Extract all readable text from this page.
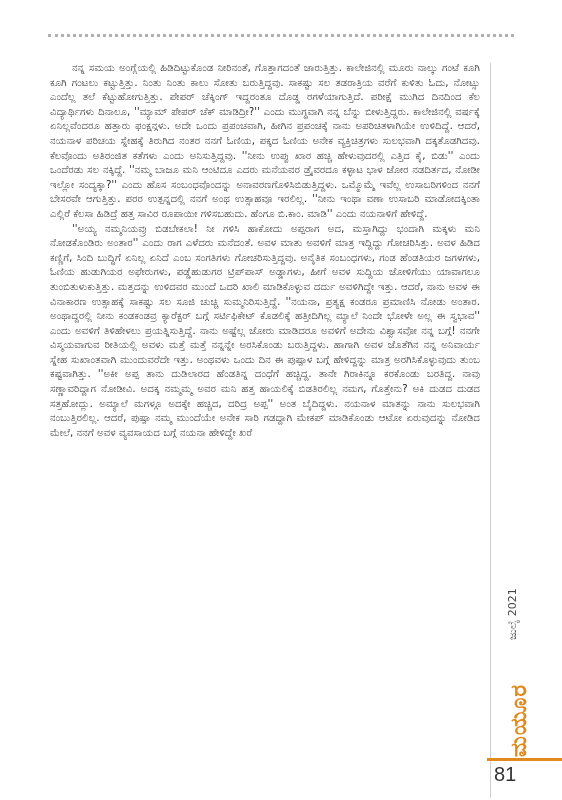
ನನ್ನ ಸಮಯ ಅಂಗ್ಲೆಯಲ್ಲಿ ಹಿಡಿದಿಟ್ಟುಕೊಂಡ ನೀರಿನಂತೆ, ಗೊತ್ತಾಗದಂತೆ ಜಾರುತ್ತಿತ್ತು. ಕಾಲೇಜಿನಲ್ಲಿ ಮೂರು ನಾಲ್ಕು ಗಂಟೆ ಕೂಗಿ ಕೂಗಿ ಗಂಟಲು ಕಟ್ಟುತ್ತಿತ್ತು. ನಿಂತು ನಿಂತು ಕಾಲು ಸೋತು ಬರುತ್ತಿದ್ದವು. ಸಾಕಷ್ಟು ಸಲ ತಡರಾತ್ರಿಯ ವರೆಗೆ ಕುಳಿತು ಓದು, ನೋಟ್ಸು ಎಂದೆಲ್ಲ ತಲೆ ಕೆಟ್ಟುಹೋಗುತ್ತಿತ್ತು. ಪೇಪರ್ ಚೆಕ್ಕಿಂಗ್ ಇದ್ದರಂತೂ ದೊಡ್ಡ ರಗಳೆಯಾಗುತ್ತಿದೆ. ಪರೀಕ್ಷೆ ಮುಗಿದ ದಿನದಿಂದ ಕೆಲ ವಿದ್ಯಾರ್ಥಿಗಳು ದಿನಾಲೂ, ''ಮ್ಯಾಮ್ ಪೇಪರ್ ಚೆಕ್ ಮಾಡಿದ್ರೀ?'' ಎಂದು ಮುಗ್ಧವಾಗಿ ನನ್ನ ಬೆನ್ನು ಬೀಳುತ್ತಿದ್ದರು. ಕಾಲೇಜಿನಲ್ಲಿ ವರ್ಷಕ್ಕೆ ಏನಿಲ್ಲವೆಂದರೂ ಹತ್ತಾರು ಫಂಕ್ಷನ್ಗಳು. ಅದೇ ಒಂದು ಪ್ರಪಂಚವಾಗಿ, ಹೀಗಿನ ಪ್ರಪಂಚಕ್ಕೆ ನಾನು ಅಪರಿಚಿತಳಾಗಿಯೇ ಉಳಿದಿದ್ದೆ. ಆದರೆ, ನಯನಾಳ ಪರಿಚಯ ಸ್ನೇಹಕ್ಕೆ ತಿರುಗಿದ ನಂತರ ನನಗೆ ಓಣಿಯ, ಪಕ್ಕದ ಓಣಿಯ ಅನೇಕ ವ್ಯಕ್ತಿಚಿತ್ರಗಳು ಸುಲಭವಾಗಿ ದಕ್ಕತೊಡಗಿದವು. ಕೆಲವೊಂದು ಅತಿರಂಜಿತ ಕತೆಗಳು ಎಂದು ಅನಿಸುತ್ತಿದ್ದವು. ''ನೀನು ಉಪ್ಪು ಖಾರ ಹಚ್ಚಿ ಹೇಳುವುದರಲ್ಲಿ ಎತ್ತಿದ ಕೈ, ಬಿಡು'' ಎಂದು ಒಂದೆರಡು ಸಲ ನಕ್ಕಿದ್ದೆ. ''ನಮ್ಮ ಬಾಜೂ ಮನಿ ಆಂಟಿದೂ ಎದರು ಮನೆಯವರ ಡ್ರೈವರದೂ ಕಳ್ಳಾಟ ಭಾಳ ಜೋರ ನಡದಿರ್ತದ, ನೋಡೀ ಇಲ್ಲೋ ಸಂದ್ಯಕ್ಕಾ?'' ಎಂದು ಹೊಸ ಸಂಬಂಧವೊಂದನ್ನು ಅನಾವರಣಗೊಳಿಸಿಬಿಡುತ್ತಿದ್ದಳು. ಒಮ್ಮೊಮ್ಮೆ ಇವೆಲ್ಲ ಉಸಾಬರಿಗಳಿಂದ ನನಗೆ ಬೇಸರವೇ ಆಗುತ್ತಿತ್ತು. ಪರರ ಉತ್ಪನ್ನದಲ್ಲಿ ನನಗೆ ಅಂಥ ಉತ್ಸಾಹವೂ ಇರಲಿಲ್ಲ. ''ನೀನು ಇಂಥಾ ವಣಾ ಉಸಾಬರಿ ಮಾಡೋದಕ್ಕಿಂತಾ ಎಲ್ಲಿರೆ ಕೆಲಸಾ ಹಿಡಿದ್ರೆ ಹತ್ತ ಸಾವಿರ ರೂಪಾಯೀ ಗಳಿಸಬಹುದು. ಹೆಂಗೂ ಬಿ.ಕಾಂ. ಮಾಡಿ'' ಎಂದು ನಯನಾಳಿಗೆ ಹೇಳಿದ್ದೆ.

''ಅಯ್ಯ ನಮ್ಮನಿಯವ್ರು ಬಿಡಬೇಕಲಾ! ನೀ ಗಳಿಸಿ ಹಾಕೋದು ಅಪ್ಪರಾಗ ಅದ, ಮಸ್ತಾಗಿದ್ದು ಭಂದಾಗಿ ಮಕ್ಕಳು ಮನಿ ನೋಡಕೊಂಡಿರು ಅಂತಾರ'' ಎಂದು ರಾಗ ಎಳೆದರು ಮನೆದಂತೆ. ಅವಳ ಮಾತು ಅವಳಿಗೆ ಮಾತ್ರ ಇದ್ದಿದ್ದು ಗೋಚರಿಸಿತ್ತು. ಅವಳ ಹಿಡಿದ ಕಣ್ಣಿಗೆ, ಸಿಂದಿ ಬುದ್ಧಿಗೆ ಏನಿಲ್ಲ ಏನಿದೆ ಎಂಬ ಸಂಗತಿಗಳು ಗೋಚರಿಸುತ್ತಿದ್ದವು. ಅನೈತಿಕ ಸಂಬಂಧಗಳು, ಗಂಡ ಹೆಂಡತಿಯರ ಜಗಳಗಳು, ಓಣಿಯ ಹುಡುಗಿಯರ ಅಫೇರುಗಳು, ಪಡ್ಡೆಹುಡುಗರ ಟ್ರಿಪ್‌ಪಾಸ್ ಅಡ್ಡಾಗಳು, ಹೀಗೆ ಅವಳ ಸುದ್ದಿಯ ಜೋಳಿಗೆಯು ಯಾವಾಗಲೂ ತುಂಬಿತುಳುಕುತ್ತಿತ್ತು. ಮತ್ತದನ್ನು ಉಳಿದವರ ಮುಂದೆ ಒದರಿ ಖಾಲಿ ಮಾಡಿಕೊಳ್ಳುವ ದರ್ದು ಅವಳಿಗಿದ್ದೇ ಇತ್ತು. ಆದರೆ, ನಾನು ಅವಳ ಈ ವಿನಾಕಾರಣ ಉತ್ಸಾಹಕ್ಕೆ ಸಾಕಷ್ಟು ಸಲ ಸೂಜಿ ಚುಚ್ಚಿ ಸುಮ್ಮನಿರಿಸುತ್ತಿದ್ದೆ. ''ನಯನಾ, ಪ್ರತ್ಯಕ್ಷ ಕಂಡರೂ ಪ್ರಮಾಣಿಸಿ ನೋಡು ಅಂತಾರ. ಅಂಥಾದ್ದರಲ್ಲಿ ನೀನು ಕಂಡಕಂಡವ್ರ ಕ್ಯಾರೆಕ್ಟರ್ ಬಗ್ಗೆ ಸರ್ಟಿಫಿಕೇಟ್ ಕೊಡಲಿಕ್ಕೆ ಹತ್ತೀದಿಗಿಲ್ಲ ಮ್ಯಾಲೆ ನಿಂದೇ ಭೋಳೇ ಅಲ್ಲ ಈ ಸ್ವಭಾವ'' ಎಂದು ಅವಳಿಗೆ ತಿಳಿಹೇಳಲು ಪ್ರಯತ್ನಿಸುತ್ತಿದ್ದೆ. ನಾನು ಅಷ್ಟೆಲ್ಲ ಜೋರು ಮಾಡಿದರೂ ಅವಳಿಗೆ ಅದೇನು ವಿಶ್ವಾಸವೋ ನನ್ನ ಬಗ್ಗೆ! ನನಗೇ ವಿಸ್ಮಯವಾಗುವ ರೀತಿಯಲ್ಲಿ ಅವಳು ಮತ್ತೆ ಮತ್ತೆ ನನ್ನನ್ನೇ ಅರಸಿಕೊಂಡು ಬರುತ್ತಿದ್ದಳು. ಹಾಗಾಗಿ ಅವಳ ಜೊತೆಗಿನ ನನ್ನ ಅನಿವಾರ್ಯ ಸ್ನೇಹ ಸುಖಾಂತವಾಗಿ ಮುಂದುವರೆದೇ ಇತ್ತು. ಅಂಥವಳು ಒಂದು ದಿನ ಈ ಪುಷ್ಪಾಳ ಬಗ್ಗೆ ಹೇಳಿದ್ದನ್ನು ಮಾತ್ರ ಅರಗಿಸಿಕೊಳ್ಳುವುದು ತುಂಬ ಕಷ್ಟವಾಗಿತ್ತು. ''ಅಕೀ ಅಪ್ಪ ತಾನು ದುಡಿಲಾರದ ಹೆಂಡತಿನ್ನ ದಂಧೆಗೆ ಹಚ್ಚಿದ್ದ. ತಾನೇ ಗಿರಾಕಿನ್ನೂ ಕರಕೊಂಡು ಬರತಿದ್ದ. ನಾವು ಸಣ್ಣಾವರಿದ್ದಾಗ ನೋಡೀವಿ. ಅದಕ್ಕ ನಮ್ಮಮ್ಮ ಅವರ ಮನಿ ಹತ್ತ ಹಾಯಲಿಕ್ಕೆ ಬಿಡತಿರಲಿಲ್ಲ ನಮಗ, ಗೊತ್ತೇನು? ಅಕಿ ದುಡದ ದುಡದ ಸತ್ತಹೋದ್ಲು. ಅಮ್ಯಾಲೆ ಮಗಳ್ಗೂ ಅದಕ್ಕೇ ಹಚ್ಚಿದ, ದರಿದ್ರ ಅಪ್ಪ'' ಅಂತ ಬೈದಿದ್ದಳು. ನಯನಾಳ ಮಾತನ್ನು ನಾನು ಸುಲಭವಾಗಿ ನಂಬುತ್ತಿರಲಿಲ್ಲ. ಆದರೆ, ಪುಷ್ಪಾ ನಮ್ಮ ಮುಂದೆಯೇ ಅನೇಕ ಸಾರಿ ಗಡದ್ದಾಗಿ ಮೇಕಪ್ ಮಾಡಿಕೊಂಡು ಆಟೋ ಏರುವುದನ್ನು ನೋಡಿದ ಮೇಲೆ, ನನಗೆ ಅವಳ ವ್ಯವಸಾಯದ ಬಗ್ಗೆ ನಯನಾ ಹೇಳಿದ್ದೇ ಖರೆ

ಜುಲೈ 2021
ಮಯೂರ
81
